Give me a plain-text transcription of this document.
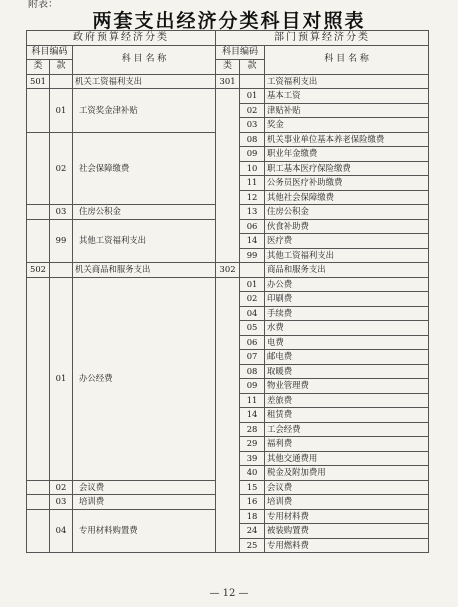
附表：
两套支出经济分类科目对照表
政府预算经济分类			部门预算经济分类		
科目编码		科 目 名 称	科目编码		科 目 名 称
类	款		类	款	
501		机关工资福利支出	301		工资福利支出
	01	工资奖金津补贴		01	基本工资
				02	津贴补贴
				03	奖金
	02	社会保障缴费		08	机关事业单位基本养老保险缴费
				09	职业年金缴费
				10	职工基本医疗保险缴费
				11	公务员医疗补助缴费
				12	其他社会保障缴费
	03	住房公积金		13	住房公积金
	99	其他工资福利支出		06	伙食补助费
				14	医疗费
				99	其他工资福利支出
502		机关商品和服务支出	302		商品和服务支出
	01	办公经费		01	办公费
				02	印刷费
				04	手续费
				05	水费
				06	电费
				07	邮电费
				08	取暖费
				09	物业管理费
				11	差旅费
				14	租赁费
				28	工会经费
				29	福利费
				39	其他交通费用
				40	税金及附加费用
	02	会议费		15	会议费
	03	培训费		16	培训费
	04	专用材料购置费		18	专用材料费
				24	被装购置费
				25	专用燃料费
— 12 —
